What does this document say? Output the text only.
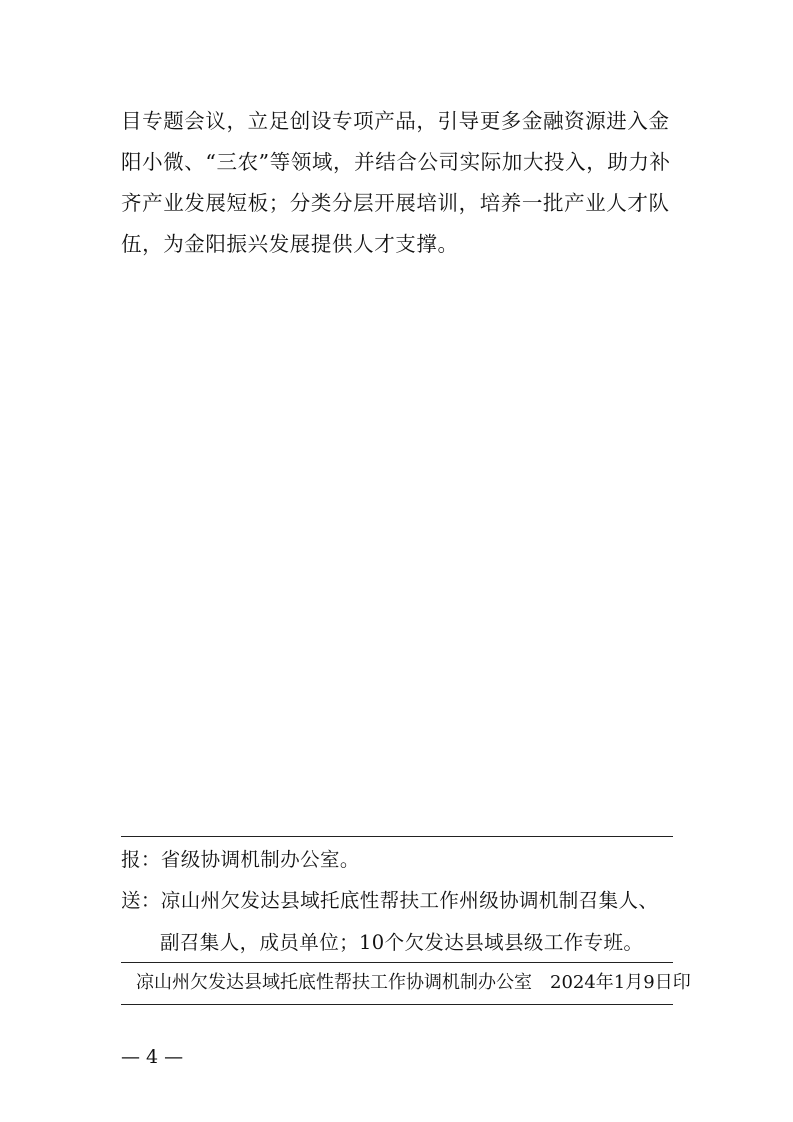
目专题会议，立足创设专项产品，引导更多金融资源进入金
阳小微、“三农”等领域，并结合公司实际加大投入，助力补
齐产业发展短板；分类分层开展培训，培养一批产业人才队
伍，为金阳振兴发展提供人才支撑。
报：省级协调机制办公室。
送：凉山州欠发达县域托底性帮扶工作州级协调机制召集人、
副召集人，成员单位；10个欠发达县域县级工作专班。
凉山州欠发达县域托底性帮扶工作协调机制办公室 2024年1月9日印
— 4 —
